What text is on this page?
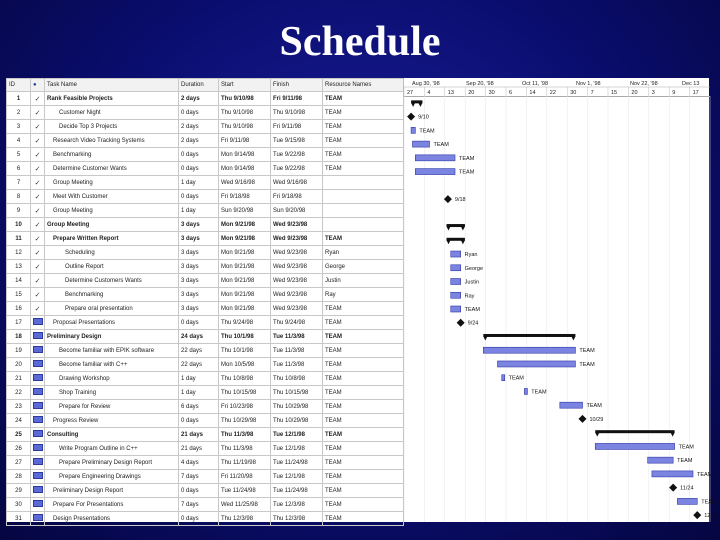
Schedule
ID	●	Task Name	Duration	Start	Finish	Resource Names
1	✓	Rank Feasible Projects	2 days	Thu 9/10/98	Fri 9/11/98	TEAM
2	✓	Customer Night	0 days	Thu 9/10/98	Thu 9/10/98	TEAM
3	✓	Decide Top 3 Projects	2 days	Thu 9/10/98	Fri 9/11/98	TEAM
4	✓	Research Video Tracking Systems	2 days	Fri 9/11/98	Tue 9/15/98	TEAM
5	✓	Benchmarking	0 days	Mon 9/14/98	Tue 9/22/98	TEAM
6	✓	Determine Customer Wants	0 days	Mon 9/14/98	Tue 9/22/98	TEAM
7	✓	Group Meeting	1 day	Wed 9/16/98	Wed 9/16/98	
8	✓	Meet With Customer	0 days	Fri 9/18/98	Fri 9/18/98	
9	✓	Group Meeting	1 day	Sun 9/20/98	Sun 9/20/98	
10	✓	Group Meeting	3 days	Mon 9/21/98	Wed 9/23/98	
11	✓	Prepare Written Report	3 days	Mon 9/21/98	Wed 9/23/98	TEAM
12	✓	Scheduling	3 days	Mon 9/21/98	Wed 9/23/98	Ryan
13	✓	Outline Report	3 days	Mon 9/21/98	Wed 9/23/98	George
14	✓	Determine Customers Wants	3 days	Mon 9/21/98	Wed 9/23/98	Justin
15	✓	Benchmarking	3 days	Mon 9/21/98	Wed 9/23/98	Ray
16	✓	Prepare oral presentation	3 days	Mon 9/21/98	Wed 9/23/98	TEAM
17		Proposal Presentations	0 days	Thu 9/24/98	Thu 9/24/98	TEAM
18		Preliminary Design	24 days	Thu 10/1/98	Tue 11/3/98	TEAM
19		Become familiar with EPIK software	22 days	Thu 10/1/98	Tue 11/3/98	TEAM
20		Become familiar with C++	22 days	Mon 10/5/98	Tue 11/3/98	TEAM
21		Drawing Workshop	1 day	Thu 10/8/98	Thu 10/8/98	TEAM
22		Shop Training	1 day	Thu 10/15/98	Thu 10/15/98	TEAM
23		Prepare for Review	6 days	Fri 10/23/98	Thu 10/29/98	TEAM
24		Progress Review	0 days	Thu 10/29/98	Thu 10/29/98	TEAM
25		Consulting	21 days	Thu 11/3/98	Tue 12/1/98	TEAM
26		Write Program Outline in C++	21 days	Thu 11/3/98	Tue 12/1/98	TEAM
27		Prepare Preliminary Design Report	4 days	Thu 11/19/98	Tue 11/24/98	TEAM
28		Prepare Engineering Drawings	7 days	Fri 11/20/98	Tue 12/1/98	TEAM
29		Preliminary Design Report	0 days	Tue 11/24/98	Tue 11/24/98	TEAM
30		Prepare For Presentations	7 days	Wed 11/25/98	Tue 12/3/98	TEAM
31		Design Presentations	0 days	Thu 12/3/98	Thu 12/3/98	TEAM
Aug 30, '98	Sep 20, '98	Oct 11, '98	Nov 1, '98	Nov 22, '98	Dec 13
27	4	13	20	30	6	14	22	30	7	15	20	3	9	17
9/10
TEAM
TEAM
TEAM
TEAM
9/18
Ryan
George
Justin
Ray
TEAM
9/24
TEAM
TEAM
TEAM
TEAM
TEAM
10/29
TEAM
TEAM
TEAM
11/24
TEAM
12/3
